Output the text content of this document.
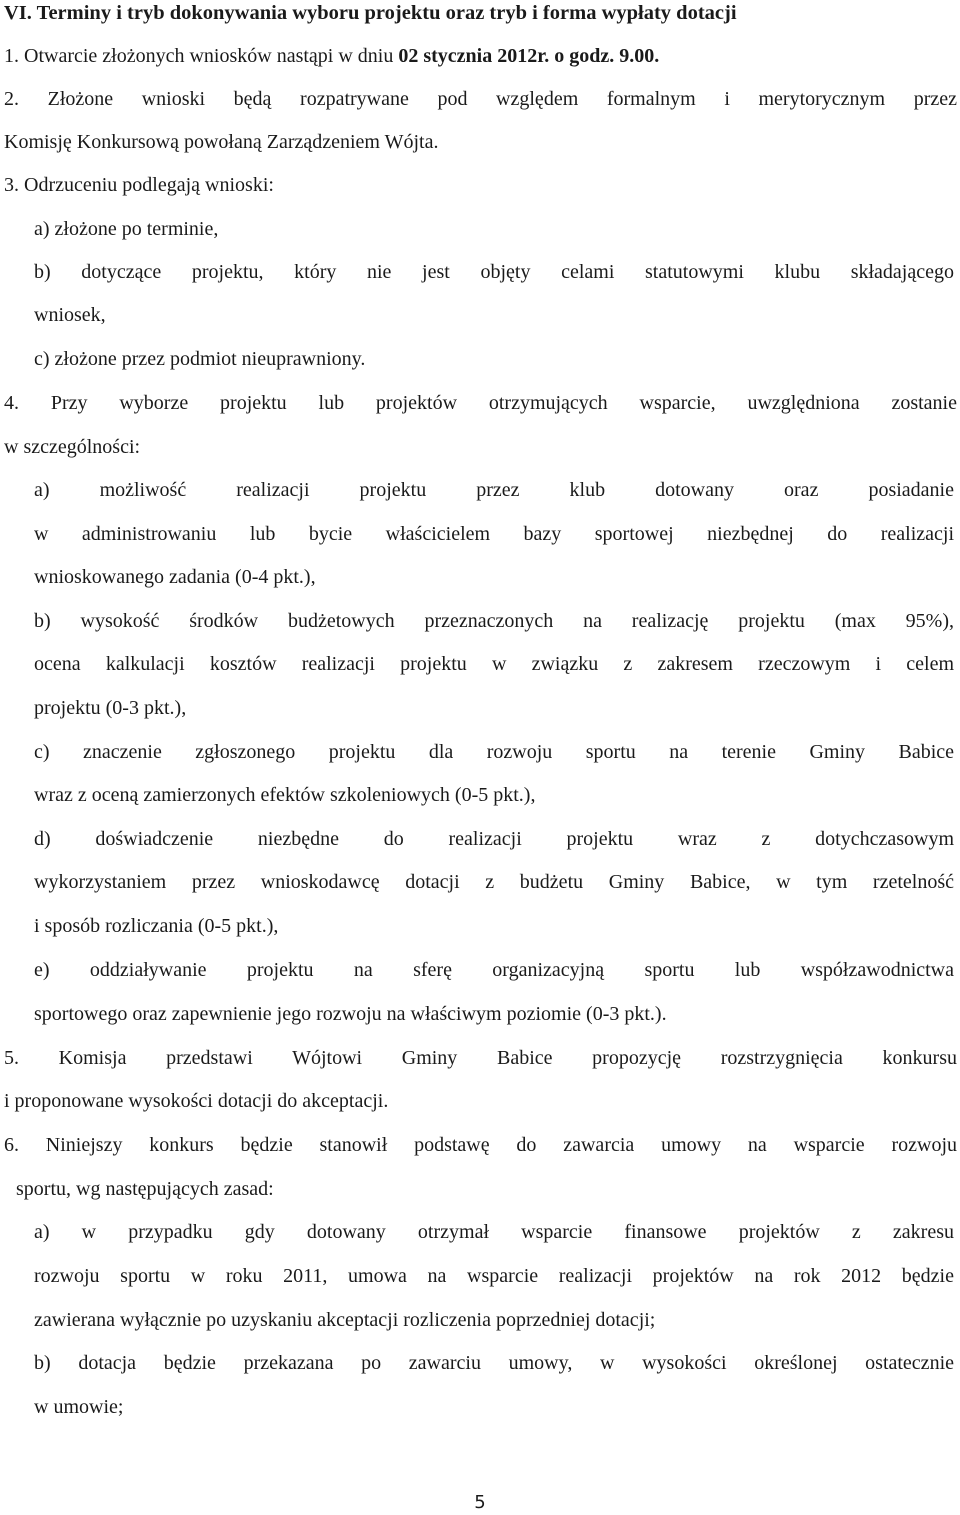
VI. Terminy i tryb dokonywania wyboru projektu oraz tryb i forma wypłaty dotacji
1. Otwarcie złożonych wniosków nastąpi w dniu 02 stycznia 2012r. o godz. 9.00.
2. Złożone wnioski będą rozpatrywane pod względem formalnym i merytorycznym przez
Komisję Konkursową powołaną Zarządzeniem Wójta.
3. Odrzuceniu podlegają wnioski:
a) złożone po terminie,
b) dotyczące projektu, który nie jest objęty celami statutowymi klubu składającego
wniosek,
c) złożone przez podmiot nieuprawniony.
4. Przy wyborze projektu lub projektów otrzymujących wsparcie, uwzględniona zostanie
w szczególności:
a) możliwość realizacji projektu przez klub dotowany oraz posiadanie
w administrowaniu lub bycie właścicielem bazy sportowej niezbędnej do realizacji
wnioskowanego zadania (0-4 pkt.),
b) wysokość środków budżetowych przeznaczonych na realizację projektu (max 95%),
ocena kalkulacji kosztów realizacji projektu w związku z zakresem rzeczowym i celem
projektu (0-3 pkt.),
c) znaczenie zgłoszonego projektu dla rozwoju sportu na terenie Gminy Babice
wraz z oceną zamierzonych efektów szkoleniowych (0-5 pkt.),
d) doświadczenie niezbędne do realizacji projektu wraz z dotychczasowym
wykorzystaniem przez wnioskodawcę dotacji z budżetu Gminy Babice, w tym rzetelność
i sposób rozliczania (0-5 pkt.),
e) oddziaływanie projektu na sferę organizacyjną sportu lub współzawodnictwa
sportowego oraz zapewnienie jego rozwoju na właściwym poziomie (0-3 pkt.).
5. Komisja przedstawi Wójtowi Gminy Babice propozycję rozstrzygnięcia konkursu
i proponowane wysokości dotacji do akceptacji.
6. Niniejszy konkurs będzie stanowił podstawę do zawarcia umowy na wsparcie rozwoju
sportu, wg następujących zasad:
a) w przypadku gdy dotowany otrzymał wsparcie finansowe projektów z zakresu
rozwoju sportu w roku 2011, umowa na wsparcie realizacji projektów na rok 2012 będzie
zawierana wyłącznie po uzyskaniu akceptacji rozliczenia poprzedniej dotacji;
b) dotacja będzie przekazana po zawarciu umowy, w wysokości określonej ostatecznie
w umowie;
5
